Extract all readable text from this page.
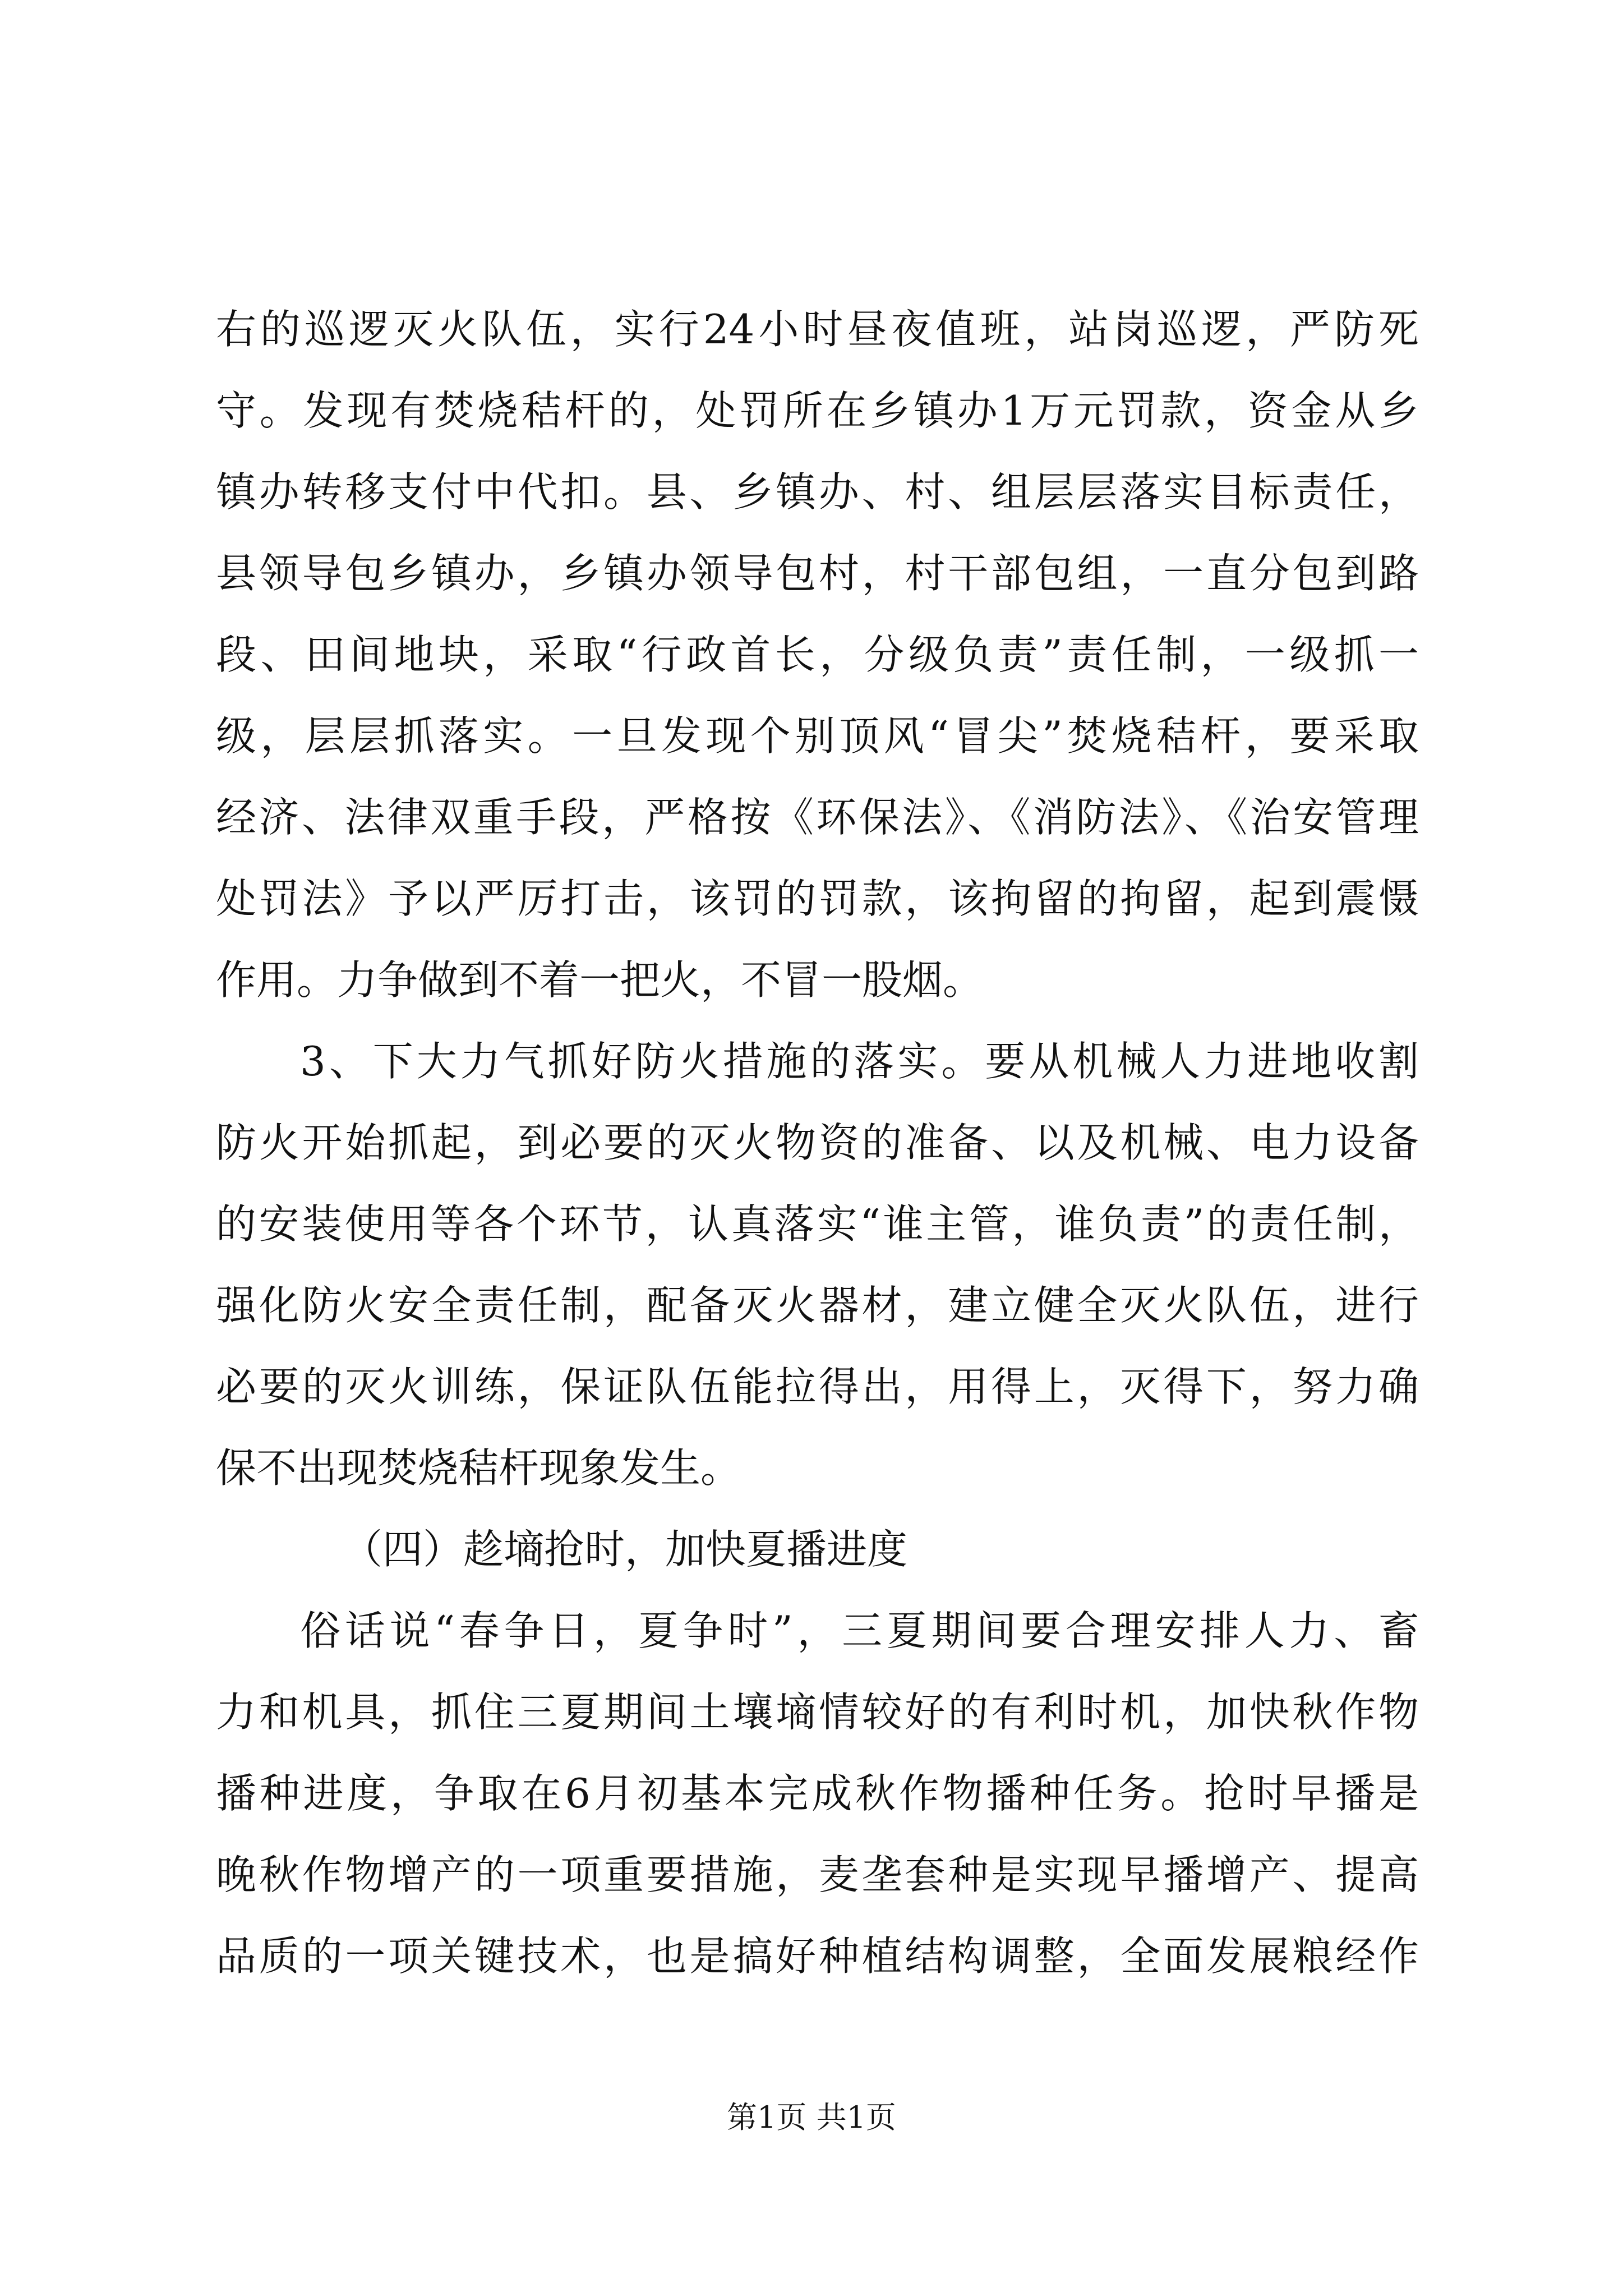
右的巡逻灭火队伍，实行24小时昼夜值班，站岗巡逻，严防死
守。发现有焚烧秸杆的，处罚所在乡镇办1万元罚款，资金从乡
镇办转移支付中代扣。县、乡镇办、村、组层层落实目标责任，
县领导包乡镇办，乡镇办领导包村，村干部包组，一直分包到路
段、田间地块，采取“行政首长，分级负责”责任制，一级抓一
级，层层抓落实。一旦发现个别顶风“冒尖”焚烧秸杆，要采取
经济、法律双重手段，严格按《环保法》、《消防法》、《治安管理
处罚法》予以严厉打击，该罚的罚款，该拘留的拘留，起到震慑
作用。力争做到不着一把火，不冒一股烟。
3、下大力气抓好防火措施的落实。要从机械人力进地收割
防火开始抓起，到必要的灭火物资的准备、以及机械、电力设备
的安装使用等各个环节，认真落实“谁主管，谁负责”的责任制，
强化防火安全责任制，配备灭火器材，建立健全灭火队伍，进行
必要的灭火训练，保证队伍能拉得出，用得上，灭得下，努力确
保不出现焚烧秸杆现象发生。
（四）趁墒抢时，加快夏播进度
俗话说“春争日，夏争时”，三夏期间要合理安排人力、畜
力和机具，抓住三夏期间土壤墒情较好的有利时机，加快秋作物
播种进度，争取在6月初基本完成秋作物播种任务。抢时早播是
晚秋作物增产的一项重要措施，麦垄套种是实现早播增产、提高
品质的一项关键技术，也是搞好种植结构调整，全面发展粮经作
第1页 共1页
